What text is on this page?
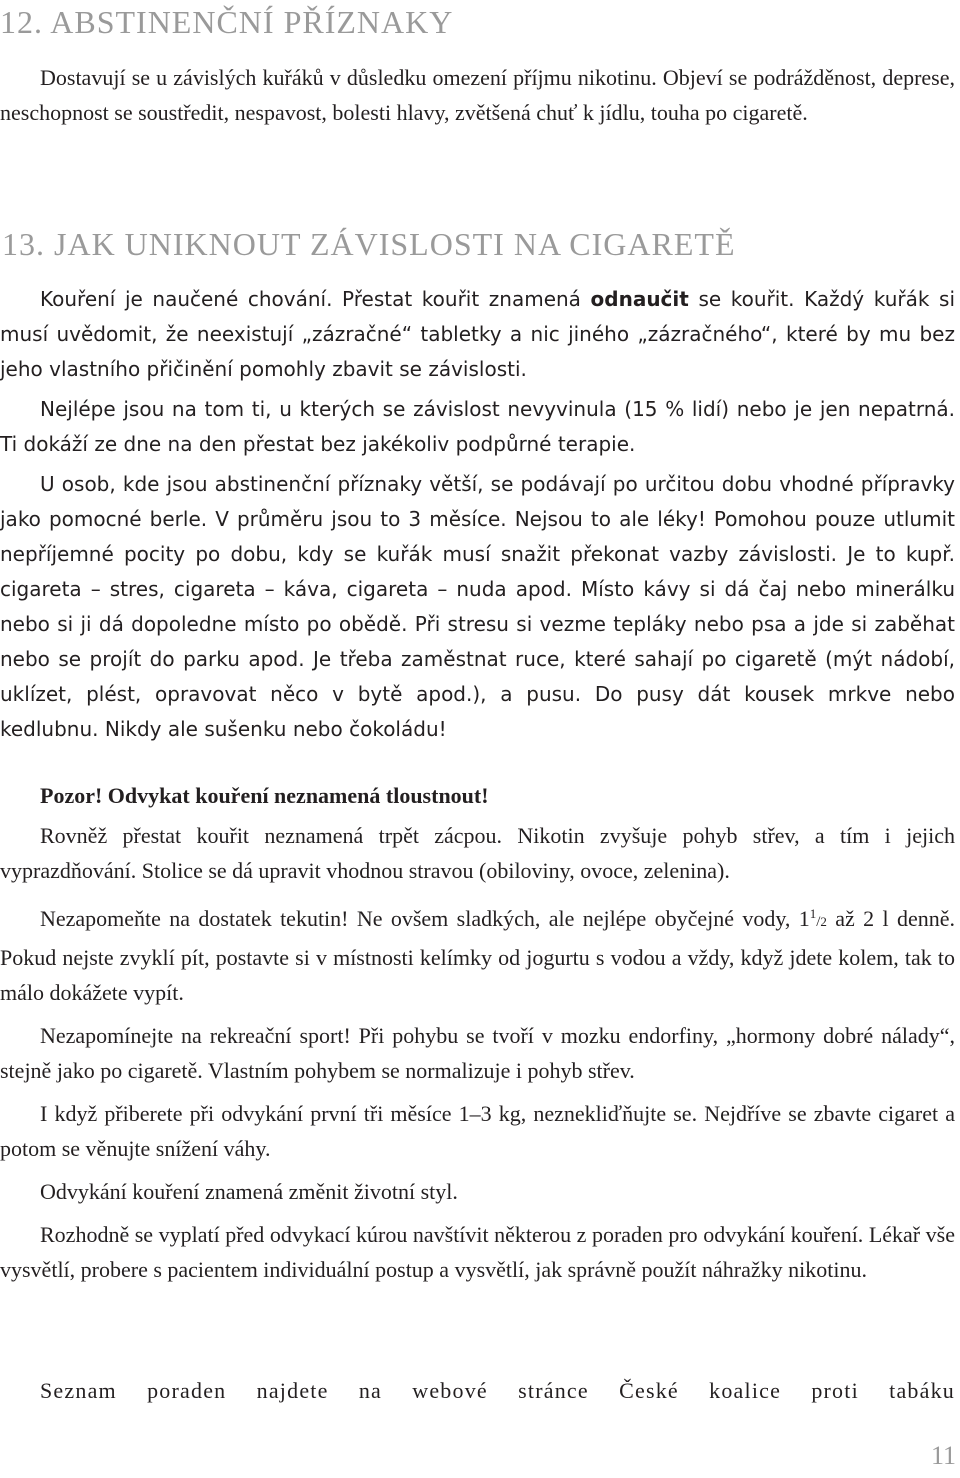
12. ABSTINENČNÍ PŘÍZNAKY

Dostavují se u závislých kuřáků v důsledku omezení příjmu nikotinu. Objeví se podrážděnost, deprese, neschopnost se soustředit, nespavost, bolesti hlavy, zvětšená chuť k jídlu, touha po cigaretě.

13. JAK UNIKNOUT ZÁVISLOSTI NA CIGARETĚ

Kouření je naučené chování. Přestat kouřit znamená odnaučit se kouřit. Každý kuřák si musí uvědomit, že neexistují „zázračné“ tabletky a nic jiného „zázračného“, které by mu bez jeho vlastního přičinění pomohly zbavit se závislosti.

Nejlépe jsou na tom ti, u kterých se závislost nevyvinula (15 % lidí) nebo je jen nepatrná. Ti dokáží ze dne na den přestat bez jakékoliv podpůrné terapie.

U osob, kde jsou abstinenční příznaky větší, se podávají po určitou dobu vhodné přípravky jako pomocné berle. V průměru jsou to 3 měsíce. Nejsou to ale léky! Pomohou pouze utlumit nepříjemné pocity po dobu, kdy se kuřák musí snažit překonat vazby závislosti. Je to kupř. cigareta – stres, cigareta – káva, cigareta – nuda apod. Místo kávy si dá čaj nebo minerálku nebo si ji dá dopoledne místo po obědě. Při stresu si vezme tepláky nebo psa a jde si zaběhat nebo se projít do parku apod. Je třeba zaměstnat ruce, které sahají po cigaretě (mýt nádobí, uklízet, plést, opravovat něco v bytě apod.), a pusu. Do pusy dát kousek mrkve nebo kedlubnu. Nikdy ale sušenku nebo čokoládu!

Pozor! Odvykat kouření neznamená tloustnout!

Rovněž přestat kouřit neznamená trpět zácpou. Nikotin zvyšuje pohyb střev, a tím i jejich vyprazdňování. Stolice se dá upravit vhodnou stravou (obiloviny, ovoce, zelenina).

Nezapomeňte na dostatek tekutin! Ne ovšem sladkých, ale nejlépe obyčejné vody, $1^1/2$ až 2 l denně. Pokud nejste zvyklí pít, postavte si v místnosti kelímky od jogurtu s vodou a vždy, když jdete kolem, tak to málo dokážete vypít.

Nezapomínejte na rekreační sport! Při pohybu se tvoří v mozku endorfiny, „hormony dobré nálady“, stejně jako po cigaretě. Vlastním pohybem se normalizuje i pohyb střev.

I když přiberete při odvykání první tři měsíce 1–3 kg, neznekliďňujte se. Nejdříve se zbavte cigaret a potom se věnujte snížení váhy.

Odvykání kouření znamená změnit životní styl.

Rozhodně se vyplatí před odvykací kúrou navštívit některou z poraden pro odvykání kouření. Lékař vše vysvětlí, probere s pacientem individuální postup a vysvětlí, jak správně použít náhražky nikotinu.

Seznam poraden najdete na webové stránce České koalice proti tabáku
11
